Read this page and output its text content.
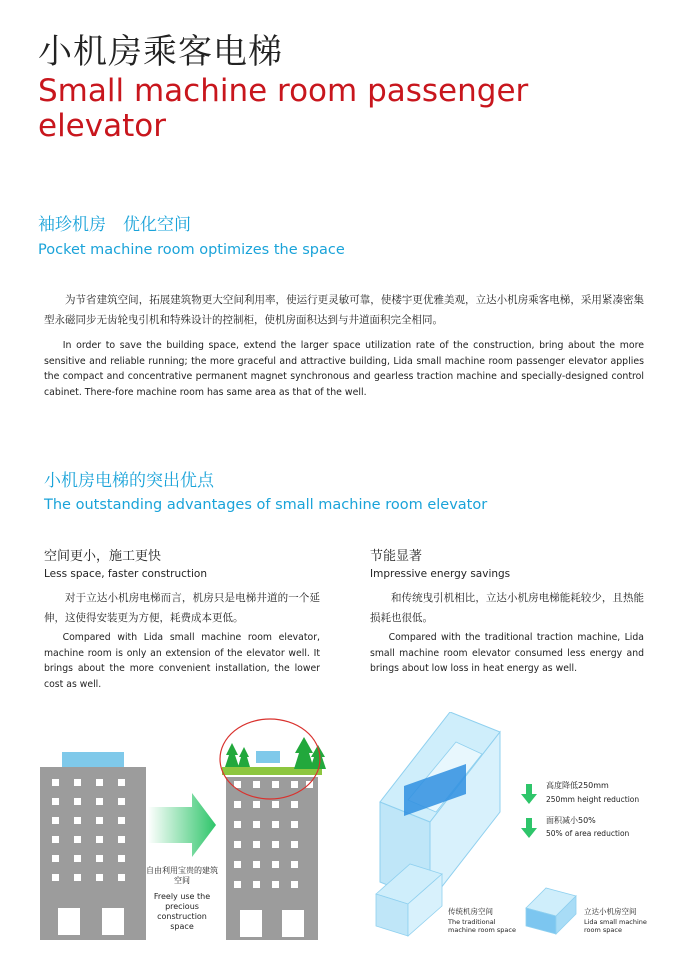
小机房乘客电梯
Small machine room passenger elevator
袖珍机房　优化空间
Pocket machine room optimizes the space
为节省建筑空间，拓展建筑物更大空间利用率，使运行更灵敏可靠，使楼宇更优雅美观，立达小机房乘客电梯，采用紧凑密集型永磁同步无齿轮曳引机和特殊设计的控制柜，使机房面积达到与井道面积完全相同。
In order to save the building space, extend the larger space utilization rate of the construction, bring about the more sensitive and reliable running; the more graceful and attractive building, Lida small machine room passenger elevator applies the compact and concentrative permanent magnet synchronous and gearless traction machine and specially-designed control cabinet. There-fore machine room has same area as that of the well.
小机房电梯的突出优点
The outstanding advantages of small machine room elevator
空间更小，施工更快
Less space, faster construction
对于立达小机房电梯而言，机房只是电梯井道的一个延伸，这使得安装更为方便，耗费成本更低。
Compared with Lida small machine room elevator, machine room is only an extension of the elevator well. It brings about the more convenient installation, the lower cost as well.
节能显著
Impressive energy savings
和传统曳引机相比，立达小机房电梯能耗较少，且热能损耗也很低。
Compared with the traditional traction machine, Lida small machine room elevator consumed less energy and brings about low loss in heat energy as well.
自由利用宝贵的建筑空间
Freely use the precious construction space
高度降低250mm
250mm height reduction
面积减小50%
50% of area reduction
传统机房空间
The traditional machine room space
立达小机房空间
Lida small machine room space
